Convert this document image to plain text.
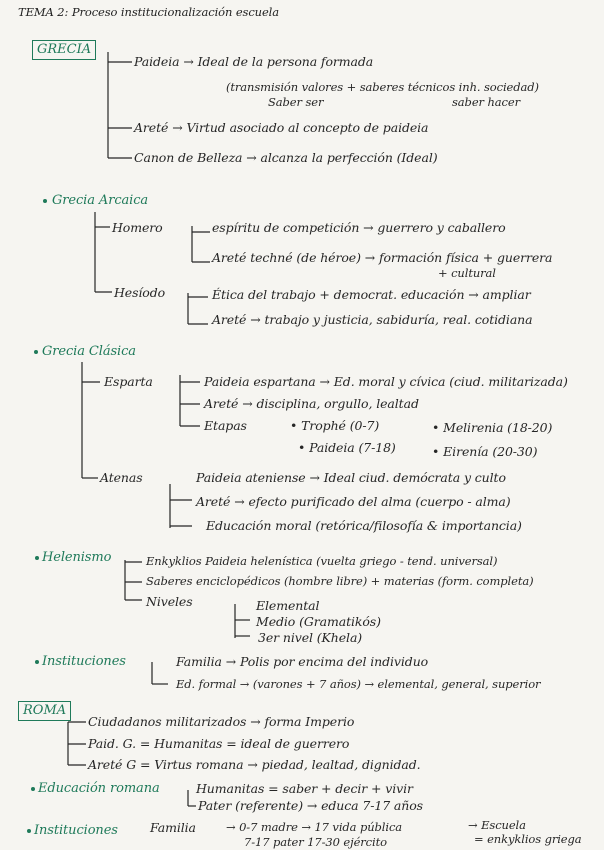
TEMA 2: Proceso institucionalización escuela
GRECIA
Paideia → Ideal de la persona formada
(transmisión valores + saberes técnicos inh. sociedad)
Saber ser	saber hacer
Areté → Virtud asociado al concepto de paideia
Canon de Belleza → alcanza la perfección (Ideal)
Grecia Arcaica
Homero	espíritu de competición → guerrero y caballero
Areté techné (de héroe) → formación física + guerrera
+ cultural
Hesíodo	Ética del trabajo + democrat. educación → ampliar
Areté → trabajo y justicia, sabiduría, real. cotidiana
Grecia Clásica
Esparta	Paideia espartana → Ed. moral y cívica (ciud. militarizada)
Areté → disciplina, orgullo, lealtad
Etapas	• Trophé (0-7)	• Melirenia (18-20)
• Paideia (7-18)	• Eirenía (20-30)
Atenas	Paideia ateniense → Ideal ciud. demócrata y culto
Areté → efecto purificado del alma (cuerpo - alma)
Educación moral (retórica/filosofía & importancia)
Helenismo	Enkyklios Paideia helenística (vuelta griego - tend. universal)
Saberes enciclopédicos (hombre libre) + materias (form. completa)
Niveles	Elemental
Medio (Gramatikós)
3er nivel (Khela)
Instituciones	Familia → Polis por encima del individuo
Ed. formal → (varones + 7 años) → elemental, general, superior
ROMA
Ciudadanos militarizados → forma Imperio
Paid. G. = Humanitas = ideal de guerrero
Areté G = Virtus romana → piedad, lealtad, dignidad.
Educación romana	Humanitas = saber + decir + vivir
Pater (referente) → educa 7-17 años
Instituciones	Familia	→ 0-7 madre → 17 vida pública
7-17 pater 17-30 ejército
→ Escuela
= enkyklios griega
